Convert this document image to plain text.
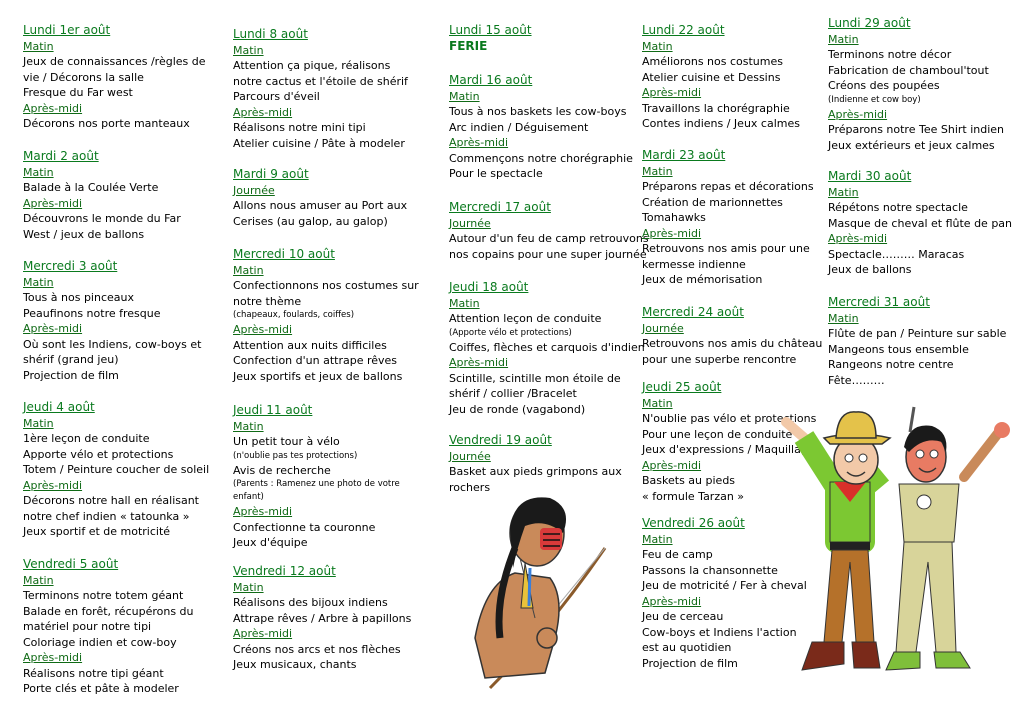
Lundi 1er août
Matin
Jeux de connaissances /règles de
vie / Décorons la salle
Fresque du Far west
Après-midi
Décorons nos porte manteaux
Mardi 2 août
Matin
Balade à la Coulée Verte
Après-midi
Découvrons le monde du Far
West / jeux de ballons
Mercredi 3 août
Matin
Tous à nos pinceaux
Peaufinons notre fresque
Après-midi
Où sont les Indiens, cow-boys et
shérif (grand jeu)
Projection de film
Jeudi 4 août
Matin
1ère leçon de conduite
Apporte vélo et protections
Totem / Peinture coucher de soleil
Après-midi
Décorons notre hall en réalisant
notre chef indien « tatounka »
Jeux sportif et de motricité
Vendredi 5 août
Matin
Terminons notre totem géant
Balade en forêt, récupérons du
matériel pour notre tipi
Coloriage indien et cow-boy
Après-midi
Réalisons notre tipi géant
Porte clés et pâte à modeler
Lundi 8 août
Matin
Attention ça pique, réalisons
notre cactus et l'étoile de shérif
Parcours d'éveil
Après-midi
Réalisons notre mini tipi
Atelier cuisine / Pâte à modeler
Mardi 9 août
Journée
Allons nous amuser au Port aux
Cerises (au galop, au galop)
Mercredi 10 août
Matin
Confectionnons nos costumes sur
notre thème
(chapeaux, foulards, coiffes)
Après-midi
Attention aux nuits difficiles
Confection d'un attrape rêves
Jeux sportifs et jeux de ballons
Jeudi 11 août
Matin
Un petit tour à vélo
(n'oublie pas tes protections)
Avis de recherche
(Parents : Ramenez une photo de votre
enfant)
Après-midi
Confectionne ta couronne
Jeux d'équipe
Vendredi 12 août
Matin
Réalisons des bijoux indiens
Attrape rêves / Arbre à papillons
Après-midi
Créons nos arcs et nos flèches
Jeux musicaux, chants
Lundi 15 août
FERIE
Mardi 16 août
Matin
Tous à nos baskets les cow-boys
Arc indien / Déguisement
Après-midi
Commençons notre chorégraphie
Pour le spectacle
Mercredi 17 août
Journée
Autour d'un feu de camp retrouvons
nos copains pour une super journée
Jeudi 18 août
Matin
Attention leçon de conduite
(Apporte vélo et protections)
Coiffes, flèches et carquois d'indien
Après-midi
Scintille, scintille mon étoile de
shérif / collier /Bracelet
Jeu de ronde (vagabond)
Vendredi 19 août
Journée
Basket aux pieds grimpons aux
rochers
Lundi 22 août
Matin
Améliorons nos costumes
Atelier cuisine et Dessins
Après-midi
Travaillons la chorégraphie
Contes indiens / Jeux calmes
Mardi 23 août
Matin
Préparons repas et décorations
Création de marionnettes
Tomahawks
Après-midi
Retrouvons nos amis pour une
kermesse indienne
Jeux de mémorisation
Mercredi 24 août
Journée
Retrouvons nos amis du château
pour une superbe rencontre
Jeudi 25 août
Matin
N'oublie pas vélo et protections
Pour une leçon de conduite
Jeux d'expressions / Maquillage
Après-midi
Baskets au pieds
« formule Tarzan »
Vendredi 26 août
Matin
Feu de camp
Passons la chansonnette
Jeu de motricité / Fer à cheval
Après-midi
Jeu de cerceau
Cow-boys et Indiens l'action
est au quotidien
Projection de film
Lundi 29 août
Matin
Terminons notre décor
Fabrication de chamboul'tout
Créons des poupées
(Indienne et cow boy)
Après-midi
Préparons notre Tee Shirt indien
Jeux extérieurs et jeux calmes
Mardi 30 août
Matin
Répétons notre spectacle
Masque de cheval et flûte de pan
Après-midi
Spectacle……… Maracas
Jeux de ballons
Mercredi 31 août
Matin
Flûte de pan / Peinture sur sable
Mangeons tous ensemble
Rangeons notre centre
Fête………
